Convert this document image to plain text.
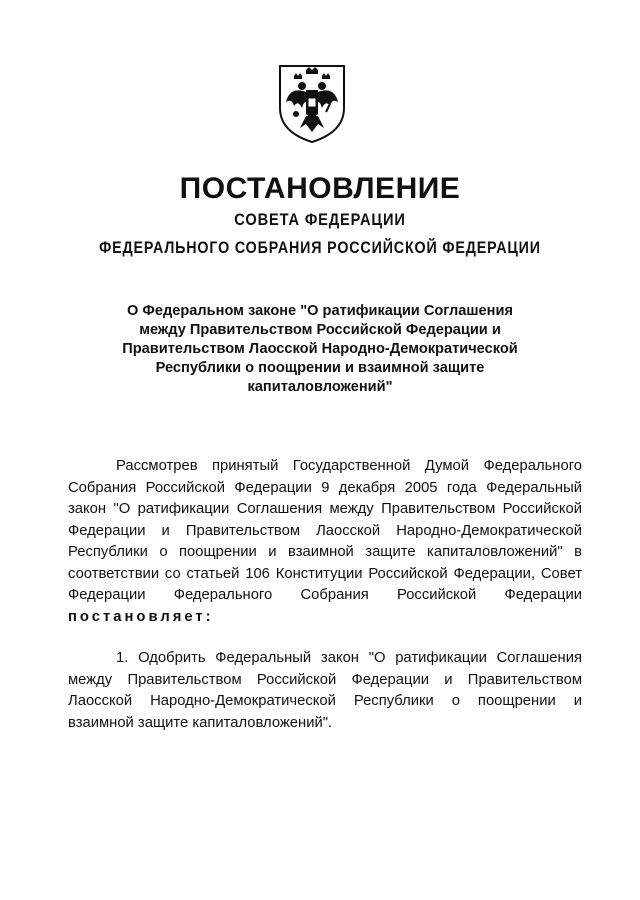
ПОСТАНОВЛЕНИЕ

СОВЕТА ФЕДЕРАЦИИ

ФЕДЕРАЛЬНОГО СОБРАНИЯ РОССИЙСКОЙ ФЕДЕРАЦИИ

О Федеральном законе "О ратификации Соглашения
между Правительством Российской Федерации и
Правительством Лаосской Народно-Демократической
Республики о поощрении и взаимной защите
капиталовложений"

Рассмотрев принятый Государственной Думой Федерального Собрания Российской Федерации 9 декабря 2005 года Федеральный закон "О ратификации Соглашения между Правительством Российской Федерации и Правительством Лаосской Народно-Демократической Республики о поощрении и взаимной защите капиталовложений" в соответствии со статьей 106 Конституции Российской Федерации, Совет Федерации Федерального Собрания Российской Федерации постановляет:

1. Одобрить Федеральный закон "О ратификации Соглашения между Правительством Российской Федерации и Правительством Лаосской Народно-Демократической Республики о поощрении и взаимной защите капиталовложений".
